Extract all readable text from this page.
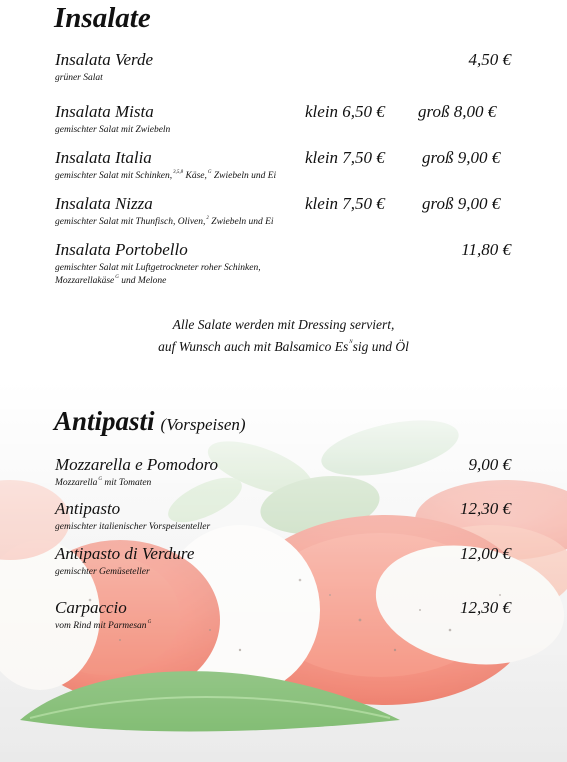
Insalate
Insalata Verde
grüner Salat
4,50 €
Insalata Mista
gemischter Salat mit Zwiebeln
klein 6,50 € groß 8,00 €
Insalata Italia
gemischter Salat mit Schinken,$^{3,5,8}$ Käse,$^G$ Zwiebeln und Ei
klein 7,50 € groß 9,00 €
Insalata Nizza
gemischter Salat mit Thunfisch, Oliven,$^2$ Zwiebeln und Ei
klein 7,50 € groß 9,00 €
Insalata Portobello
gemischter Salat mit Luftgetrockneter roher Schinken,
Mozzarellakäse$^G$ und Melone
11,80 €
Alle Salate werden mit Dressing serviert,
auf Wunsch auch mit Balsamico $Es^Nsig$ und Öl
Antipasti (Vorspeisen)
Mozzarella e Pomodoro
Mozzarella$^G$ mit Tomaten
9,00 €
Antipasto
gemischter italienischer Vorspeisenteller
12,30 €
Antipasto di Verdure
gemischter Gemüseteller
12,00 €
Carpaccio
vom Rind mit Parmesan$^G$
12,30 €
